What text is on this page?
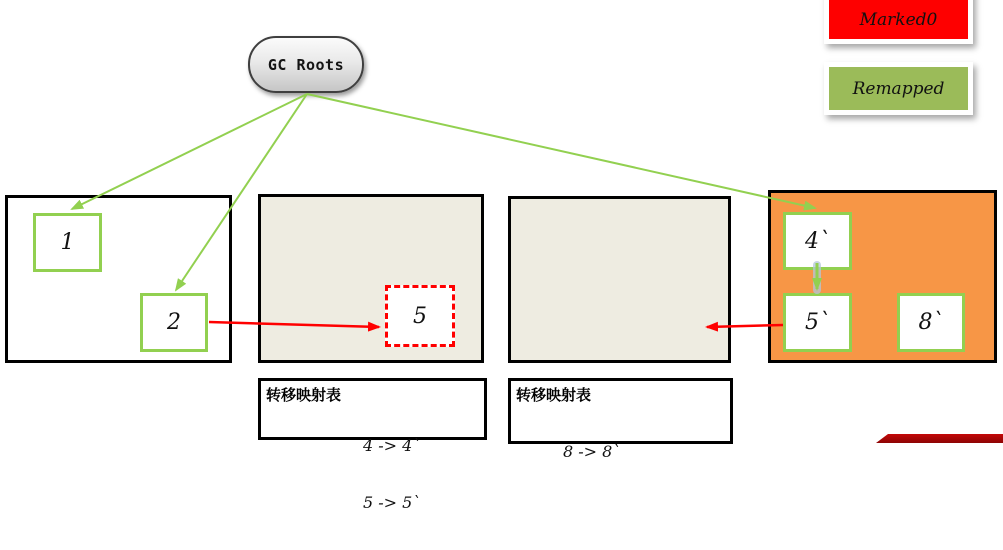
GC Roots
Marked0
Remapped
1
2	5
4`
5`	8`
转移映射表

4 -> 4`

5 -> 5`

转移映射表

8 -> 8`
